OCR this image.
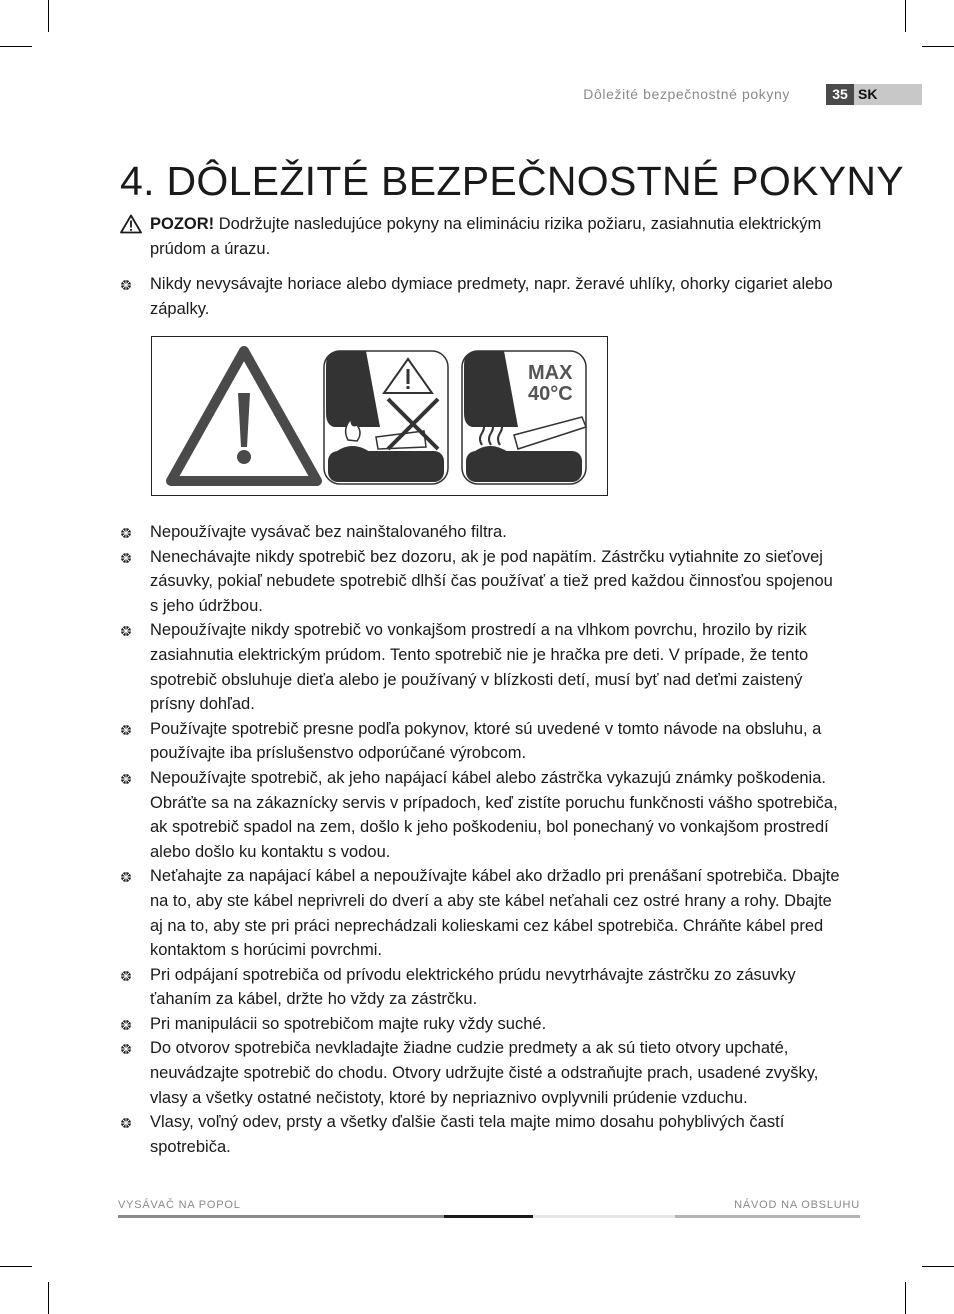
Dôležité bezpečnostné pokyny	35 SK
4. DÔLEŽITÉ BEZPEČNOSTNÉ POKYNY

POZOR! Dodržujte nasledujúce pokyny na elimináciu rizika požiaru, zasiahnutia elektrickým prúdom a úrazu.

Nikdy nevysávajte horiace alebo dymiace predmety, napr. žeravé uhlíky, ohorky cigariet alebo zápalky.
MAX
40°C
Nepoužívajte vysávač bez nainštalovaného filtra.
Nenechávajte nikdy spotrebič bez dozoru, ak je pod napätím. Zástrčku vytiahnite zo sieťovej zásuvky, pokiaľ nebudete spotrebič dlhší čas používať a tiež pred každou činnosťou spojenou s jeho údržbou.
Nepoužívajte nikdy spotrebič vo vonkajšom prostredí a na vlhkom povrchu, hrozilo by rizik zasiahnutia elektrickým prúdom. Tento spotrebič nie je hračka pre deti. V prípade, že tento spotrebič obsluhuje dieťa alebo je používaný v blízkosti detí, musí byť nad deťmi zaistený prísny dohľad.
Používajte spotrebič presne podľa pokynov, ktoré sú uvedené v tomto návode na obsluhu, a používajte iba príslušenstvo odporúčané výrobcom.
Nepoužívajte spotrebič, ak jeho napájací kábel alebo zástrčka vykazujú známky poškodenia. Obráťte sa na zákaznícky servis v prípadoch, keď zistíte poruchu funkčnosti vášho spotrebiča, ak spotrebič spadol na zem, došlo k jeho poškodeniu, bol ponechaný vo vonkajšom prostredí alebo došlo ku kontaktu s vodou.
Neťahajte za napájací kábel a nepoužívajte kábel ako držadlo pri prenášaní spotrebiča. Dbajte na to, aby ste kábel neprivreli do dverí a aby ste kábel neťahali cez ostré hrany a rohy. Dbajte aj na to, aby ste pri práci neprechádzali kolieskami cez kábel spotrebiča. Chráňte kábel pred kontaktom s horúcimi povrchmi.
Pri odpájaní spotrebiča od prívodu elektrického prúdu nevytrhávajte zástrčku zo zásuvky ťahaním za kábel, držte ho vždy za zástrčku.
Pri manipulácii so spotrebičom majte ruky vždy suché.
Do otvorov spotrebiča nevkladajte žiadne cudzie predmety a ak sú tieto otvory upchaté, neuvádzajte spotrebič do chodu. Otvory udržujte čisté a odstraňujte prach, usadené zvyšky, vlasy a všetky ostatné nečistoty, ktoré by nepriaznivo ovplyvnili prúdenie vzduchu.
Vlasy, voľný odev, prsty a všetky ďalšie časti tela majte mimo dosahu pohyblivých častí spotrebiča.
VYSÁVAČ NA POPOL	NÁVOD NA OBSLUHU
